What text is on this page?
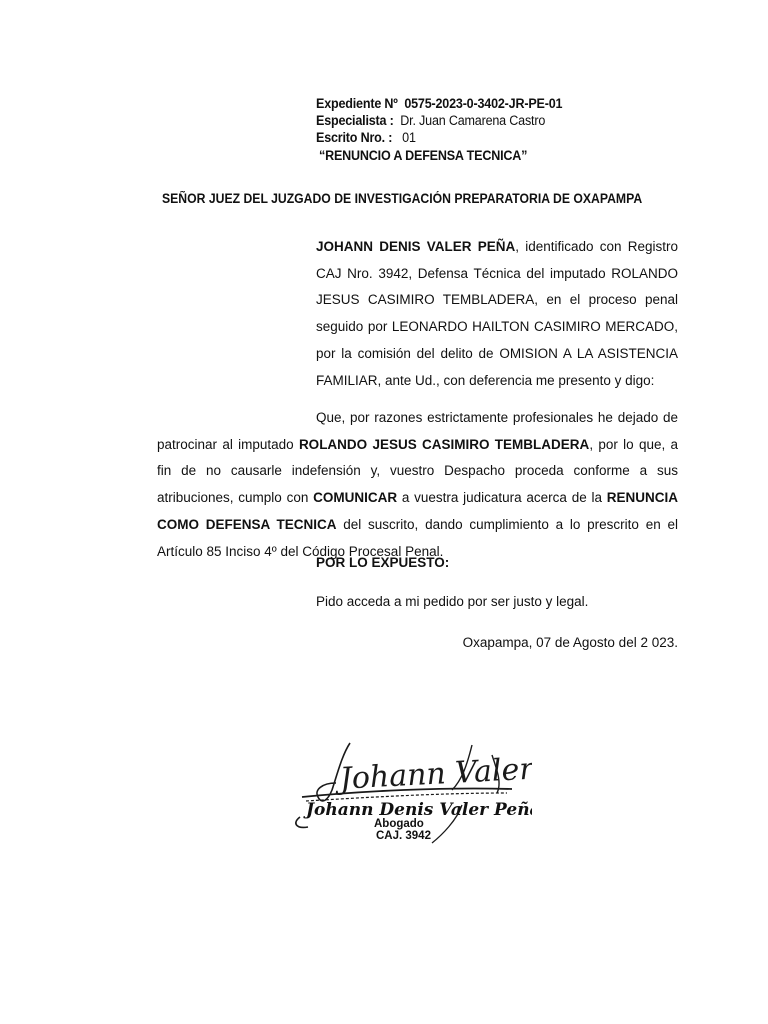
Expediente Nº 0575-2023-0-3402-JR-PE-01
Especialista : Dr. Juan Camarena Castro
Escrito Nro. : 01
“RENUNCIO A DEFENSA TECNICA”
SEÑOR JUEZ DEL JUZGADO DE INVESTIGACIÓN PREPARATORIA DE OXAPAMPA
JOHANN DENIS VALER PEÑA, identificado con Registro CAJ Nro. 3942, Defensa Técnica del imputado ROLANDO JESUS CASIMIRO TEMBLADERA, en el proceso penal seguido por LEONARDO HAILTON CASIMIRO MERCADO, por la comisión del delito de OMISION A LA ASISTENCIA FAMILIAR, ante Ud., con deferencia me presento y digo:
Que, por razones estrictamente profesionales he dejado de patrocinar al imputado ROLANDO JESUS CASIMIRO TEMBLADERA, por lo que, a fin de no causarle indefensión y, vuestro Despacho proceda conforme a sus atribuciones, cumplo con COMUNICAR a vuestra judicatura acerca de la RENUNCIA COMO DEFENSA TECNICA del suscrito, dando cumplimiento a lo prescrito en el Artículo 85 Inciso 4º del Código Procesal Penal.
POR LO EXPUESTO:
Pido acceda a mi pedido por ser justo y legal.
Oxapampa, 07 de Agosto del 2 023.
Johann Valer
Johann Denis Valer Peña
Abogado
CAJ. 3942
